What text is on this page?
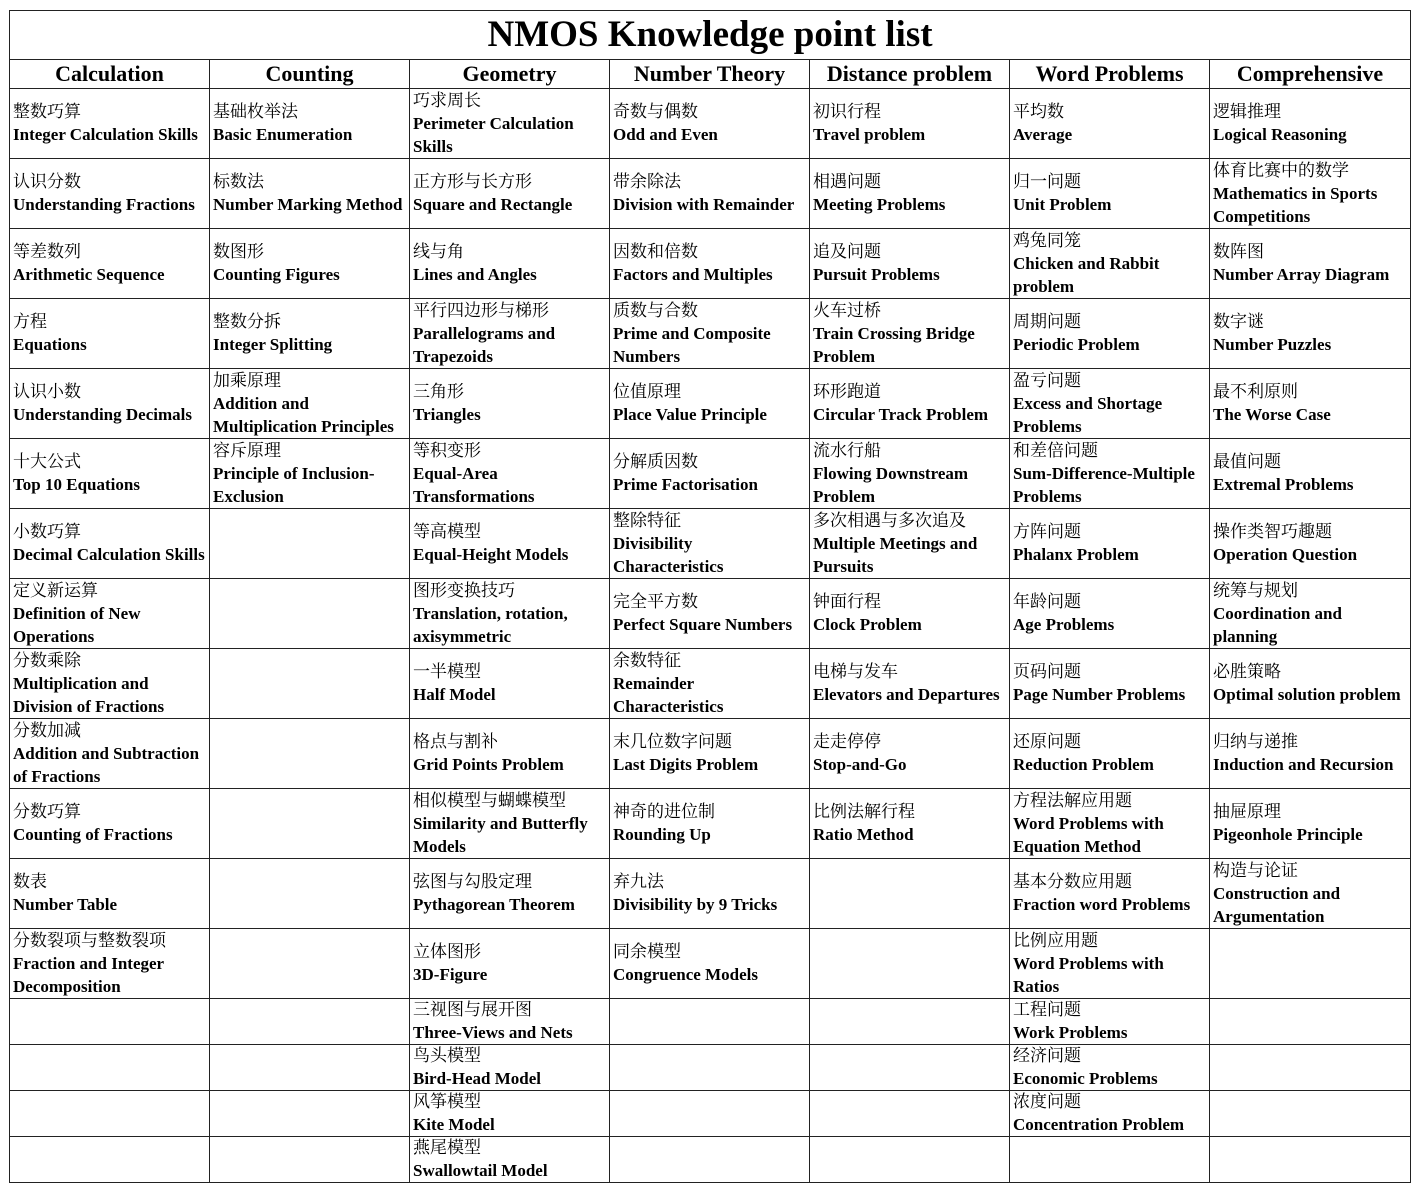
NMOS Knowledge point list						
Calculation	Counting	Geometry	Number Theory	Distance problem	Word Problems	Comprehensive

整数巧算
Integer Calculation Skills	基础枚举法
Basic Enumeration	巧求周长
Perimeter Calculation Skills	奇数与偶数
Odd and Even	初识行程
Travel problem	平均数
Average	逻辑推理
Logical Reasoning

认识分数
Understanding Fractions	标数法
Number Marking Method	正方形与长方形
Square and Rectangle	带余除法
Division with Remainder	相遇问题
Meeting Problems	归一问题
Unit Problem	体育比赛中的数学
Mathematics in Sports Competitions

等差数列
Arithmetic Sequence	数图形
Counting Figures	线与角
Lines and Angles	因数和倍数
Factors and Multiples	追及问题
Pursuit Problems	鸡兔同笼
Chicken and Rabbit problem	数阵图
Number Array Diagram

方程
Equations	整数分拆
Integer Splitting	平行四边形与梯形
Parallelograms and Trapezoids	质数与合数
Prime and Composite Numbers	火车过桥
Train Crossing Bridge Problem	周期问题
Periodic Problem	数字谜
Number Puzzles

认识小数
Understanding Decimals	加乘原理
Addition and Multiplication Principles	三角形
Triangles	位值原理
Place Value Principle	环形跑道
Circular Track Problem	盈亏问题
Excess and Shortage Problems	最不利原则
The Worse Case

十大公式
Top 10 Equations	容斥原理
Principle of Inclusion-Exclusion	等积变形
Equal-Area Transformations	分解质因数
Prime Factorisation	流水行船
Flowing Downstream Problem	和差倍问题
Sum-Difference-Multiple Problems	最值问题
Extremal Problems

小数巧算
Decimal Calculation Skills		等高模型
Equal-Height Models	整除特征
Divisibility Characteristics	多次相遇与多次追及
Multiple Meetings and Pursuits	方阵问题
Phalanx Problem	操作类智巧趣题
Operation Question

定义新运算
Definition of New Operations		图形变换技巧
Translation, rotation, axisymmetric	完全平方数
Perfect Square Numbers	钟面行程
Clock Problem	年龄问题
Age Problems	统筹与规划
Coordination and planning

分数乘除
Multiplication and Division of Fractions		一半模型
Half Model	余数特征
Remainder Characteristics	电梯与发车
Elevators and Departures	页码问题
Page Number Problems	必胜策略
Optimal solution problem

分数加减
Addition and Subtraction of Fractions		格点与割补
Grid Points Problem	末几位数字问题
Last Digits Problem	走走停停
Stop-and-Go	还原问题
Reduction Problem	归纳与递推
Induction and Recursion

分数巧算
Counting of Fractions		相似模型与蝴蝶模型
Similarity and Butterfly Models	神奇的进位制
Rounding Up	比例法解行程
Ratio Method	方程法解应用题
Word Problems with Equation Method	抽屉原理
Pigeonhole Principle

数表
Number Table		弦图与勾股定理
Pythagorean Theorem	弃九法
Divisibility by 9 Tricks		基本分数应用题
Fraction word Problems	构造与论证
Construction and Argumentation

分数裂项与整数裂项
Fraction and Integer Decomposition		立体图形
3D-Figure	同余模型
Congruence Models		比例应用题
Word Problems with Ratios	

		三视图与展开图
Three-Views and Nets			工程问题
Work Problems	

		鸟头模型
Bird-Head Model			经济问题
Economic Problems	

		风筝模型
Kite Model			浓度问题
Concentration Problem	

		燕尾模型
Swallowtail Model				
